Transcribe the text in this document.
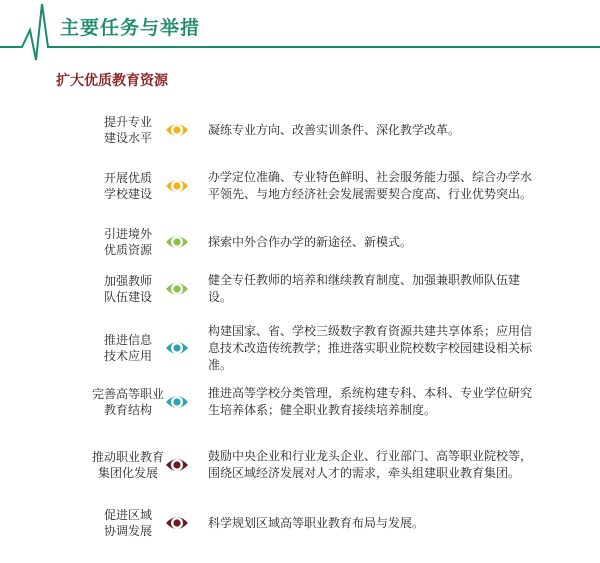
主要任务与举措
扩大优质教育资源
提升专业
建设水平
凝练专业方向、改善实训条件、深化教学改革。
开展优质
学校建设
办学定位准确、专业特色鲜明、社会服务能力强、综合办学水平领先、与地方经济社会发展需要契合度高、行业优势突出。
引进境外
优质资源
探索中外合作办学的新途径、新模式。
加强教师
队伍建设
健全专任教师的培养和继续教育制度、加强兼职教师队伍建设。
推进信息
技术应用
构建国家、省、学校三级数字教育资源共建共享体系；应用信息技术改造传统教学；推进落实职业院校数字校园建设相关标准。
完善高等职业
教育结构
推进高等学校分类管理，系统构建专科、本科、专业学位研究生培养体系；健全职业教育接续培养制度。
推动职业教育
集团化发展
鼓励中央企业和行业龙头企业、行业部门、高等职业院校等，围绕区域经济发展对人才的需求，牵头组建职业教育集团。
促进区域
协调发展
科学规划区域高等职业教育布局与发展。
